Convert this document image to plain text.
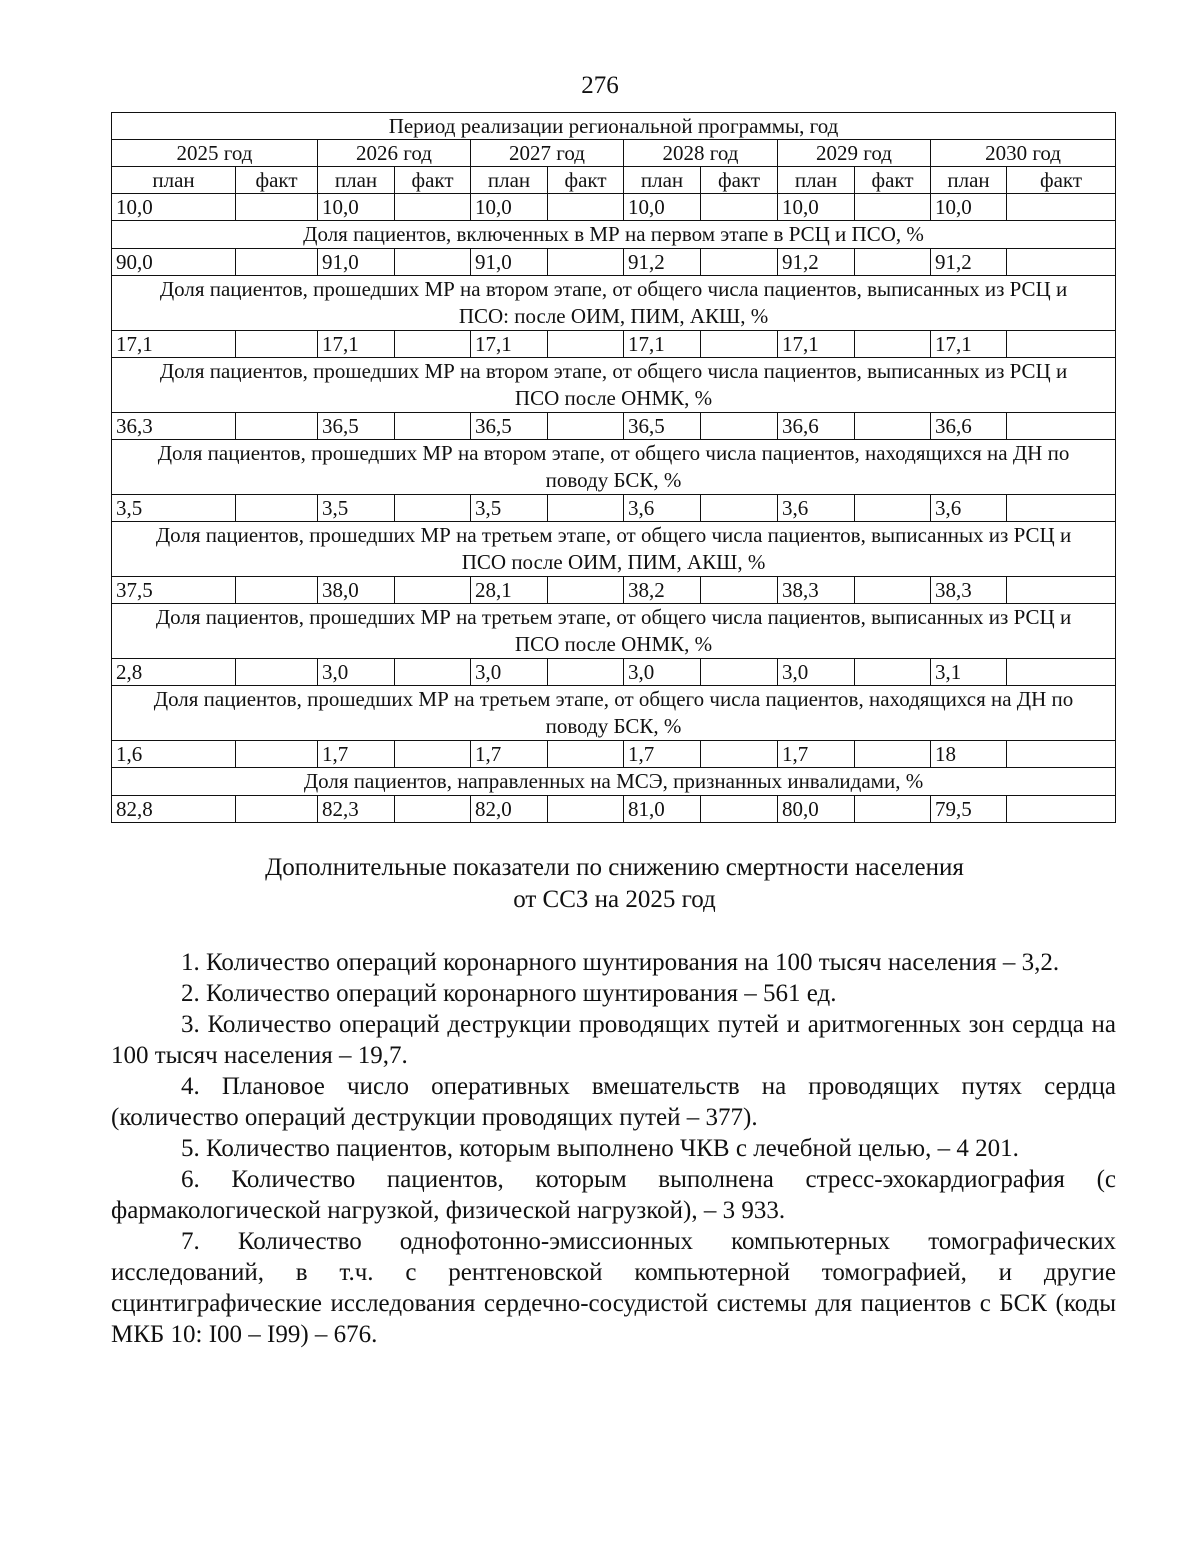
276
Период реализации региональной программы, год											
2025 год		2026 год		2027 год		2028 год		2029 год		2030 год	
план	факт	план	факт	план	факт	план	факт	план	факт	план	факт
10,0		10,0		10,0		10,0		10,0		10,0	
Доля пациентов, включенных в МР на первом этапе в РСЦ и ПСО, %											
90,0		91,0		91,0		91,2		91,2		91,2	
Доля пациентов, прошедших МР на втором этапе, от общего числа пациентов, выписанных из РСЦ и ПСО: после ОИМ, ПИМ, АКШ, %											
17,1		17,1		17,1		17,1		17,1		17,1	
Доля пациентов, прошедших МР на втором этапе, от общего числа пациентов, выписанных из РСЦ и ПСО после ОНМК, %											
36,3		36,5		36,5		36,5		36,6		36,6	
Доля пациентов, прошедших МР на втором этапе, от общего числа пациентов, находящихся на ДН по поводу БСК, %											
3,5		3,5		3,5		3,6		3,6		3,6	
Доля пациентов, прошедших МР на третьем этапе, от общего числа пациентов, выписанных из РСЦ и ПСО после ОИМ, ПИМ, АКШ, %											
37,5		38,0		28,1		38,2		38,3		38,3	
Доля пациентов, прошедших МР на третьем этапе, от общего числа пациентов, выписанных из РСЦ и ПСО после ОНМК, %											
2,8		3,0		3,0		3,0		3,0		3,1	
Доля пациентов, прошедших МР на третьем этапе, от общего числа пациентов, находящихся на ДН по поводу БСК, %											
1,6		1,7		1,7		1,7		1,7		18	
Доля пациентов, направленных на МСЭ, признанных инвалидами, %											
82,8		82,3		82,0		81,0		80,0		79,5	
Дополнительные показатели по снижению смертности населения
от ССЗ на 2025 год

1. Количество операций коронарного шунтирования на 100 тысяч населения – 3,2.

2. Количество операций коронарного шунтирования – 561 ед.

3. Количество операций деструкции проводящих путей и аритмогенных зон сердца на 100 тысяч населения – 19,7.

4. Плановое число оперативных вмешательств на проводящих путях сердца (количество операций деструкции проводящих путей – 377).

5. Количество пациентов, которым выполнено ЧКВ с лечебной целью, – 4 201.

6. Количество пациентов, которым выполнена стресс-эхокардиография (с фармакологической нагрузкой, физической нагрузкой), – 3 933.

7. Количество однофотонно-эмиссионных компьютерных томографических исследований, в т.ч. с рентгеновской компьютерной томографией, и другие сцинтиграфические исследования сердечно-сосудистой системы для пациентов с БСК (коды МКБ 10: I00 – I99) – 676.
